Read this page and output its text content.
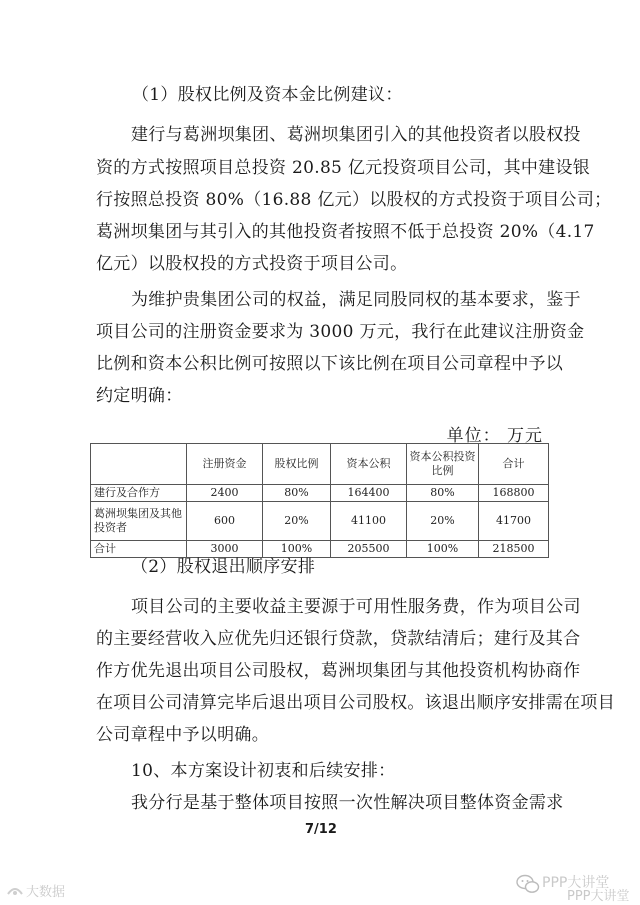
（1）股权比例及资本金比例建议：
建行与葛洲坝集团、葛洲坝集团引入的其他投资者以股权投
资的方式按照项目总投资 20.85 亿元投资项目公司，其中建设银
行按照总投资 80%（16.88 亿元）以股权的方式投资于项目公司；
葛洲坝集团与其引入的其他投资者按照不低于总投资 20%（4.17
亿元）以股权投的方式投资于项目公司。
为维护贵集团公司的权益，满足同股同权的基本要求，鉴于
项目公司的注册资金要求为 3000 万元，我行在此建议注册资金
比例和资本公积比例可按照以下该比例在项目公司章程中予以
约定明确：
单位： 万元
	注册资金	股权比例	资本公积	资本公积投资比例	合计
建行及合作方	2400	80%	164400	80%	168800
葛洲坝集团及其他投资者	600	20%	41100	20%	41700
合计	3000	100%	205500	100%	218500
（2）股权退出顺序安排
项目公司的主要收益主要源于可用性服务费，作为项目公司
的主要经营收入应优先归还银行贷款，贷款结清后；建行及其合
作方优先退出项目公司股权，葛洲坝集团与其他投资机构协商作
在项目公司清算完毕后退出项目公司股权。该退出顺序安排需在项目
公司章程中予以明确。
10、本方案设计初衷和后续安排：
我分行是基于整体项目按照一次性解决项目整体资金需求
7/12
大数据
PPP大讲堂
PPP大讲堂
